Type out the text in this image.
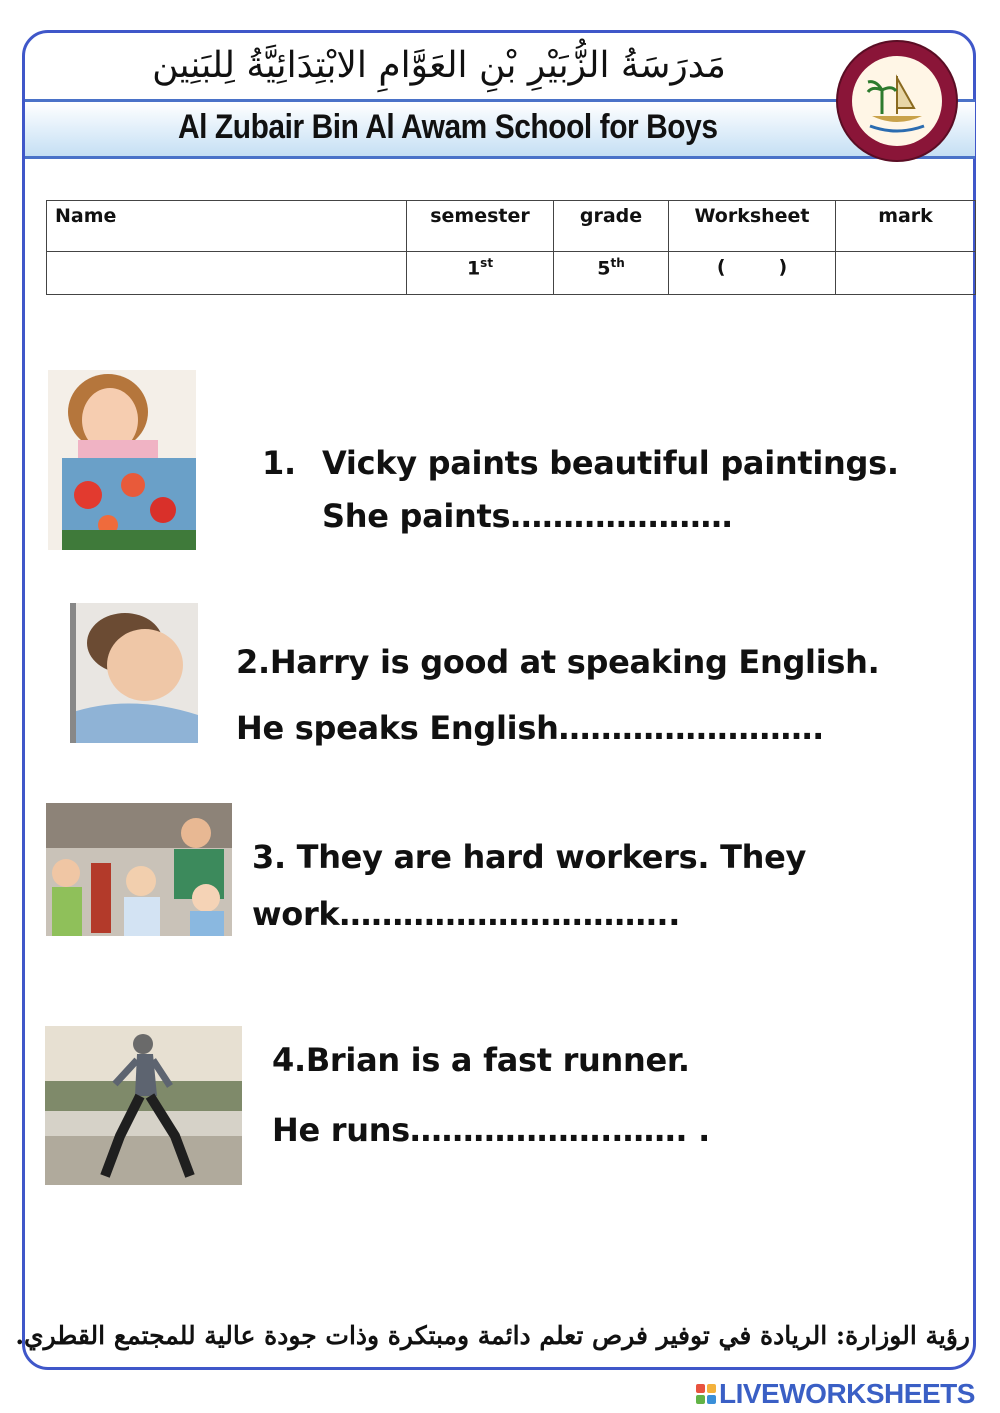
مَدرَسَةُ الزُّبَيْرِ بْنِ العَوَّامِ الابْتِدَائِيَّةُ لِلبَنِين
Al Zubair Bin Al Awam School for Boys
Name	semester	grade	Worksheet	mark
	1st	5th	(        )	
1. Vicky paints beautiful paintings.
She paints…………………
2.Harry is good at speaking English.
He speaks English…………………….
3. They are hard workers. They
work…………………………..
4.Brian is a fast runner.
He runs……………….……. .
رؤية الوزارة: الريادة في توفير فرص تعلم دائمة ومبتكرة وذات جودة عالية للمجتمع القطري.
LIVEWORKSHEETS
